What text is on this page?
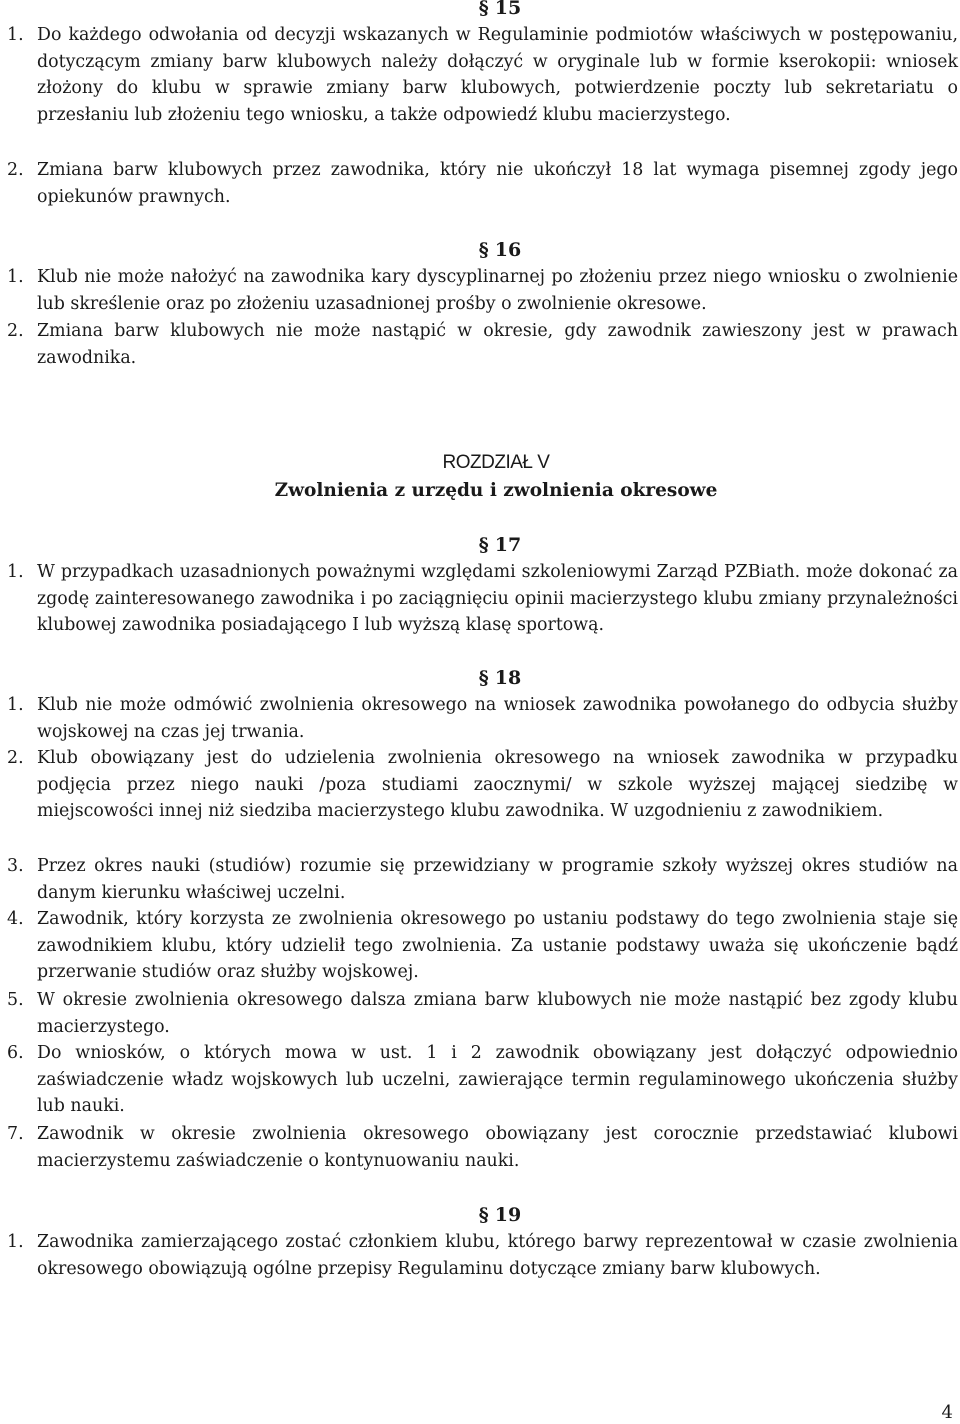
§ 15
1. Do każdego odwołania od decyzji wskazanych w Regulaminie podmiotów właściwych w postępowaniu, dotyczącym zmiany barw klubowych należy dołączyć w oryginale lub w formie kserokopii: wniosek złożony do klubu w sprawie zmiany barw klubowych, potwierdzenie poczty lub sekretariatu o przesłaniu lub złożeniu tego wniosku, a także odpowiedź klubu macierzystego.
2. Zmiana barw klubowych przez zawodnika, który nie ukończył 18 lat wymaga pisemnej zgody jego opiekunów prawnych.
§ 16
1. Klub nie może nałożyć na zawodnika kary dyscyplinarnej po złożeniu przez niego wniosku o zwolnienie lub skreślenie oraz po złożeniu uzasadnionej prośby o zwolnienie okresowe.
2. Zmiana barw klubowych nie może nastąpić w okresie, gdy zawodnik zawieszony jest w prawach zawodnika.
ROZDZIAŁ V
Zwolnienia z urzędu i zwolnienia okresowe
§ 17
1. W przypadkach uzasadnionych poważnymi względami szkoleniowymi Zarząd PZBiath. może dokonać za zgodę zainteresowanego zawodnika i po zaciągnięciu opinii macierzystego klubu zmiany przynależności klubowej zawodnika posiadającego I lub wyższą klasę sportową.
§ 18
1. Klub nie może odmówić zwolnienia okresowego na wniosek zawodnika powołanego do odbycia służby wojskowej na czas jej trwania.
2. Klub obowiązany jest do udzielenia zwolnienia okresowego na wniosek zawodnika w przypadku podjęcia przez niego nauki /poza studiami zaocznymi/ w szkole wyższej mającej siedzibę w miejscowości innej niż siedziba macierzystego klubu zawodnika. W uzgodnieniu z zawodnikiem.
3. Przez okres nauki (studiów) rozumie się przewidziany w programie szkoły wyższej okres studiów na danym kierunku właściwej uczelni.
4. Zawodnik, który korzysta ze zwolnienia okresowego po ustaniu podstawy do tego zwolnienia staje się zawodnikiem klubu, który udzielił tego zwolnienia. Za ustanie podstawy uważa się ukończenie bądź przerwanie studiów oraz służby wojskowej.
5. W okresie zwolnienia okresowego dalsza zmiana barw klubowych nie może nastąpić bez zgody klubu macierzystego.
6. Do wniosków, o których mowa w ust. 1 i 2 zawodnik obowiązany jest dołączyć odpowiednio zaświadczenie władz wojskowych lub uczelni, zawierające termin regulaminowego ukończenia służby lub nauki.
7. Zawodnik w okresie zwolnienia okresowego obowiązany jest corocznie przedstawiać klubowi macierzystemu zaświadczenie o kontynuowaniu nauki.
§ 19
1. Zawodnika zamierzającego zostać członkiem klubu, którego barwy reprezentował w czasie zwolnienia okresowego obowiązują ogólne przepisy Regulaminu dotyczące zmiany barw klubowych.
4
